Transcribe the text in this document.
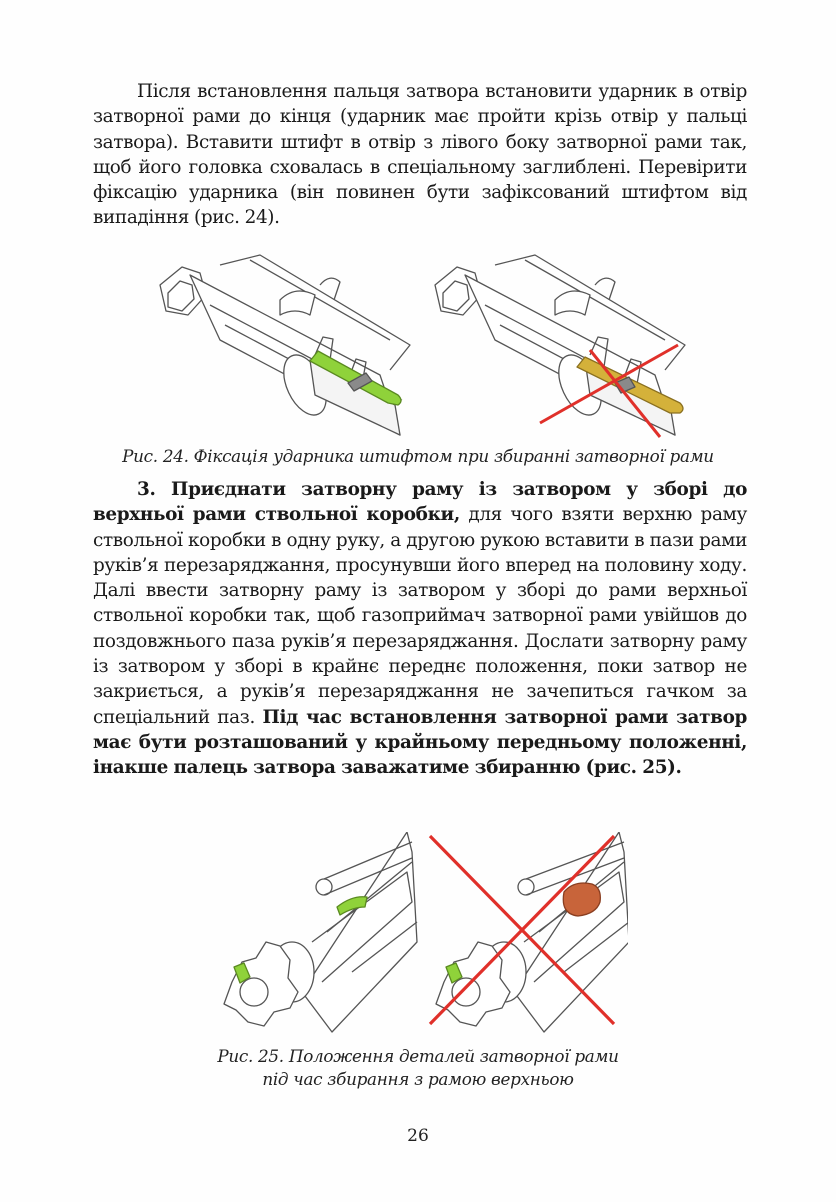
Після встановлення пальця затвора встановити ударник в отвір затворної рами до кінця (ударник має пройти крізь отвір у пальці затвора). Вставити штифт в отвір з лівого боку затворної рами так, щоб його головка сховалась в спеціальному заглиблені. Перевірити фіксацію ударника (він повинен бути зафіксований штифтом від випадіння (рис. 24).
Рис. 24. Фіксація ударника штифтом при збиранні затворної рами
3. Приєднати затворну раму із затвором у зборі до верхньої рами ствольної коробки, для чого взяти верхню раму ствольної коробки в одну руку, а другою рукою вставити в пази рами руків’я перезаряджання, просунувши його вперед на половину ходу. Далі ввести затворну раму із затвором у зборі до рами верхньої ствольної коробки так, щоб газоприймач затворної рами увійшов до поздовжнього паза руків’я перезаряджання. Дослати затворну раму із затвором у зборі в крайнє переднє положення, поки затвор не закриється, а руків’я перезаряджання не зачепиться гачком за спеціальний паз. Під час встановлення затворної рами затвор має бути розташований у крайньому передньому положенні, інакше палець затвора заважатиме збиранню (рис. 25).
Рис. 25. Положення деталей затворної рами
під час збирання з рамою верхньою
26
